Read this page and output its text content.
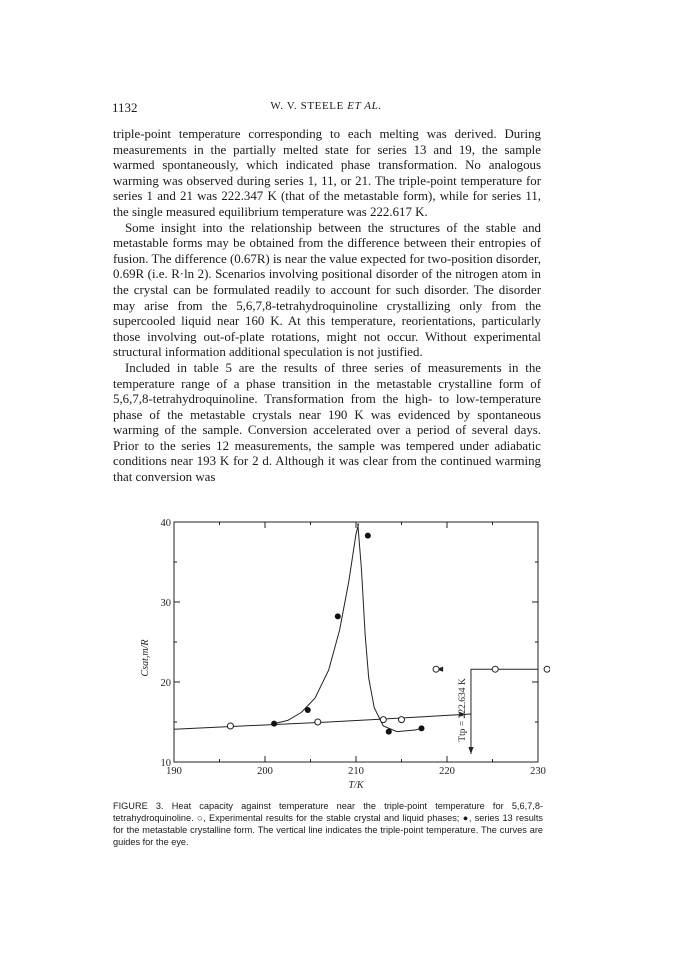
1132	W. V. STEELE ET AL.

triple-point temperature corresponding to each melting was derived. During measurements in the partially melted state for series 13 and 19, the sample warmed spontaneously, which indicated phase transformation. No analogous warming was observed during series 1, 11, or 21. The triple-point temperature for series 1 and 21 was 222.347 K (that of the metastable form), while for series 11, the single measured equilibrium temperature was 222.617 K.

Some insight into the relationship between the structures of the stable and metastable forms may be obtained from the difference between their entropies of fusion. The difference (0.67R) is near the value expected for two-position disorder, 0.69R (i.e. R·ln 2). Scenarios involving positional disorder of the nitrogen atom in the crystal can be formulated readily to account for such disorder. The disorder may arise from the 5,6,7,8-tetrahydroquinoline crystallizing only from the supercooled liquid near 160 K. At this temperature, reorientations, particularly those involving out-of-plate rotations, might not occur. Without experimental structural information additional speculation is not justified.

Included in table 5 are the results of three series of measurements in the temperature range of a phase transition in the metastable crystalline form of 5,6,7,8-tetrahydroquinoline. Transformation from the high- to low-temperature phase of the metastable crystals near 190 K was evidenced by spontaneous warming of the sample. Conversion accelerated over a period of several days. Prior to the series 12 measurements, the sample was tempered under adiabatic conditions near 193 K for 2 d. Although it was clear from the continued warming that conversion was

190	200	210	220	230
10
20
30
40
T/K
Csat,m/R
Ttp = 222.634 K
FIGURE 3. Heat capacity against temperature near the triple-point temperature for 5,6,7,8-tetrahydroquinoline. ○, Experimental results for the stable crystal and liquid phases; ●, series 13 results for the metastable crystalline form. The vertical line indicates the triple-point temperature. The curves are guides for the eye.
